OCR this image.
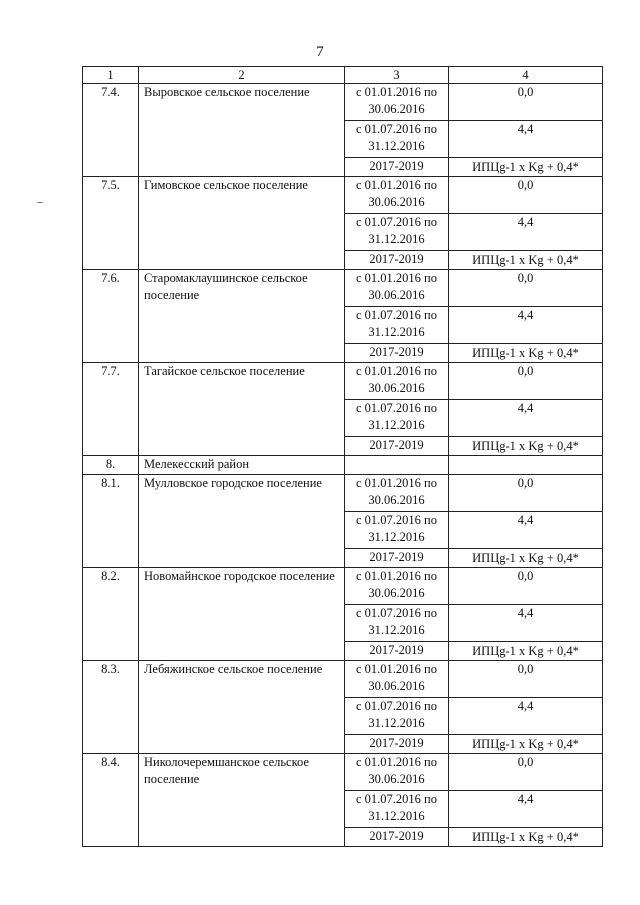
7
1	2	3	4
7.4.	Выровское сельское поселение	с 01.01.2016 по 30.06.2016	0,0
		с 01.07.2016 по 31.12.2016	4,4
		2017-2019	ИПЦg-1 x Kg + 0,4*
7.5.	Гимовское сельское поселение	с 01.01.2016 по 30.06.2016	0,0
		с 01.07.2016 по 31.12.2016	4,4
		2017-2019	ИПЦg-1 x Kg + 0,4*
7.6.	Старомаклаушинское сельское поселение	с 01.01.2016 по 30.06.2016	0,0
		с 01.07.2016 по 31.12.2016	4,4
		2017-2019	ИПЦg-1 x Kg + 0,4*
7.7.	Тагайское сельское поселение	с 01.01.2016 по 30.06.2016	0,0
		с 01.07.2016 по 31.12.2016	4,4
		2017-2019	ИПЦg-1 x Kg + 0,4*
8.	Мелекесский район		
8.1.	Мулловское городское поселение	с 01.01.2016 по 30.06.2016	0,0
		с 01.07.2016 по 31.12.2016	4,4
		2017-2019	ИПЦg-1 x Kg + 0,4*
8.2.	Новомайнское городское поселение	с 01.01.2016 по 30.06.2016	0,0
		с 01.07.2016 по 31.12.2016	4,4
		2017-2019	ИПЦg-1 x Kg + 0,4*
8.3.	Лебяжинское сельское поселение	с 01.01.2016 по 30.06.2016	0,0
		с 01.07.2016 по 31.12.2016	4,4
		2017-2019	ИПЦg-1 x Kg + 0,4*
8.4.	Николочеремшанское сельское поселение	с 01.01.2016 по 30.06.2016	0,0
		с 01.07.2016 по 31.12.2016	4,4
		2017-2019	ИПЦg-1 x Kg + 0,4*
